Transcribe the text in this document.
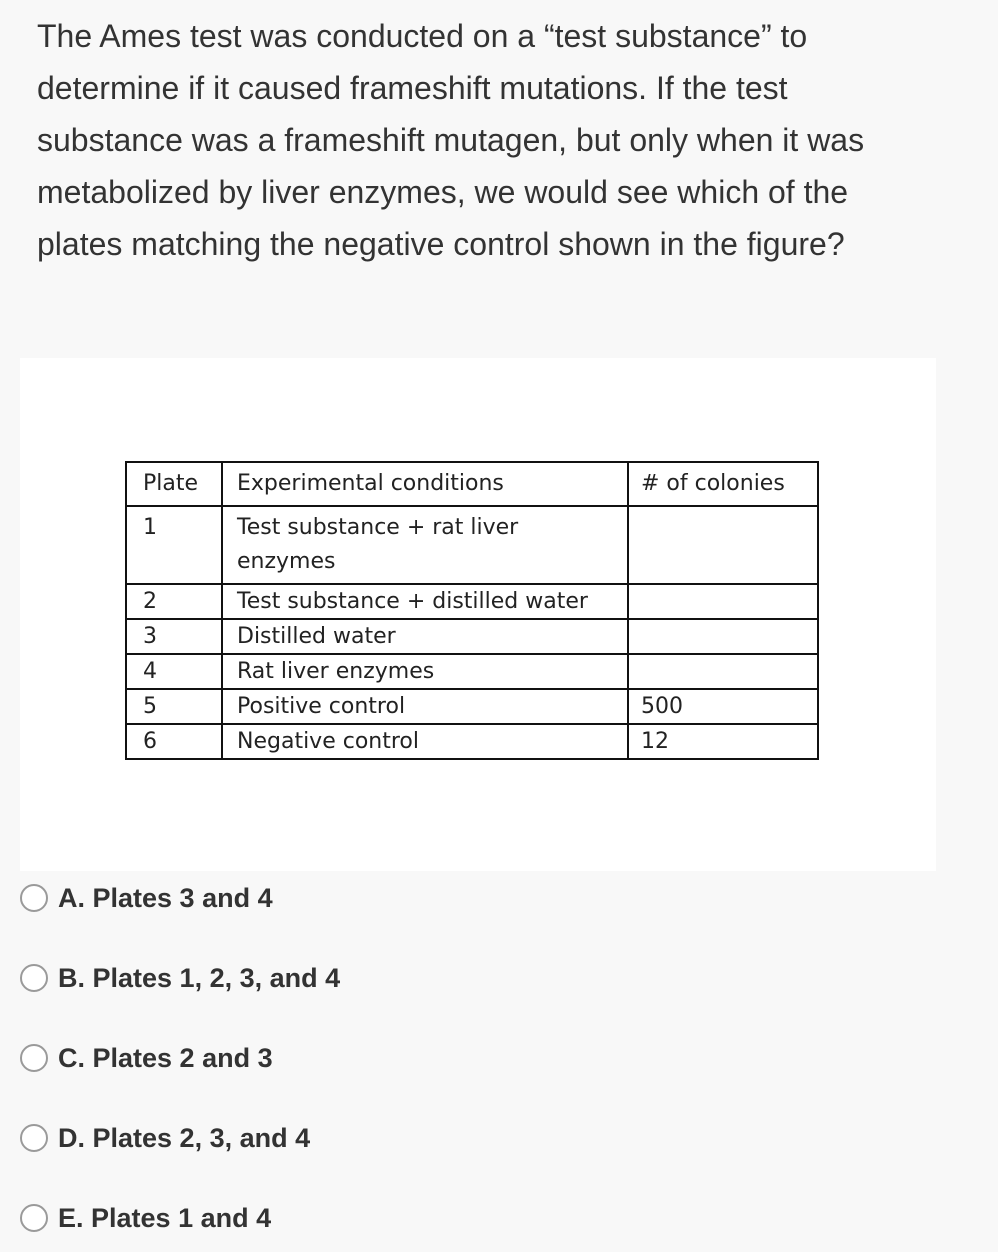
The Ames test was conducted on a “test substance” to
determine if it caused frameshift mutations. If the test
substance was a frameshift mutagen, but only when it was
metabolized by liver enzymes, we would see which of the
plates matching the negative control shown in the figure?
Plate	Experimental conditions	# of colonies
1	Test substance + rat liver
enzymes	

2	Test substance + distilled water	
3	Distilled water	
4	Rat liver enzymes	
5	Positive control	500
6	Negative control	12
A. Plates 3 and 4
B. Plates 1, 2, 3, and 4
C. Plates 2 and 3
D. Plates 2, 3, and 4
E. Plates 1 and 4
